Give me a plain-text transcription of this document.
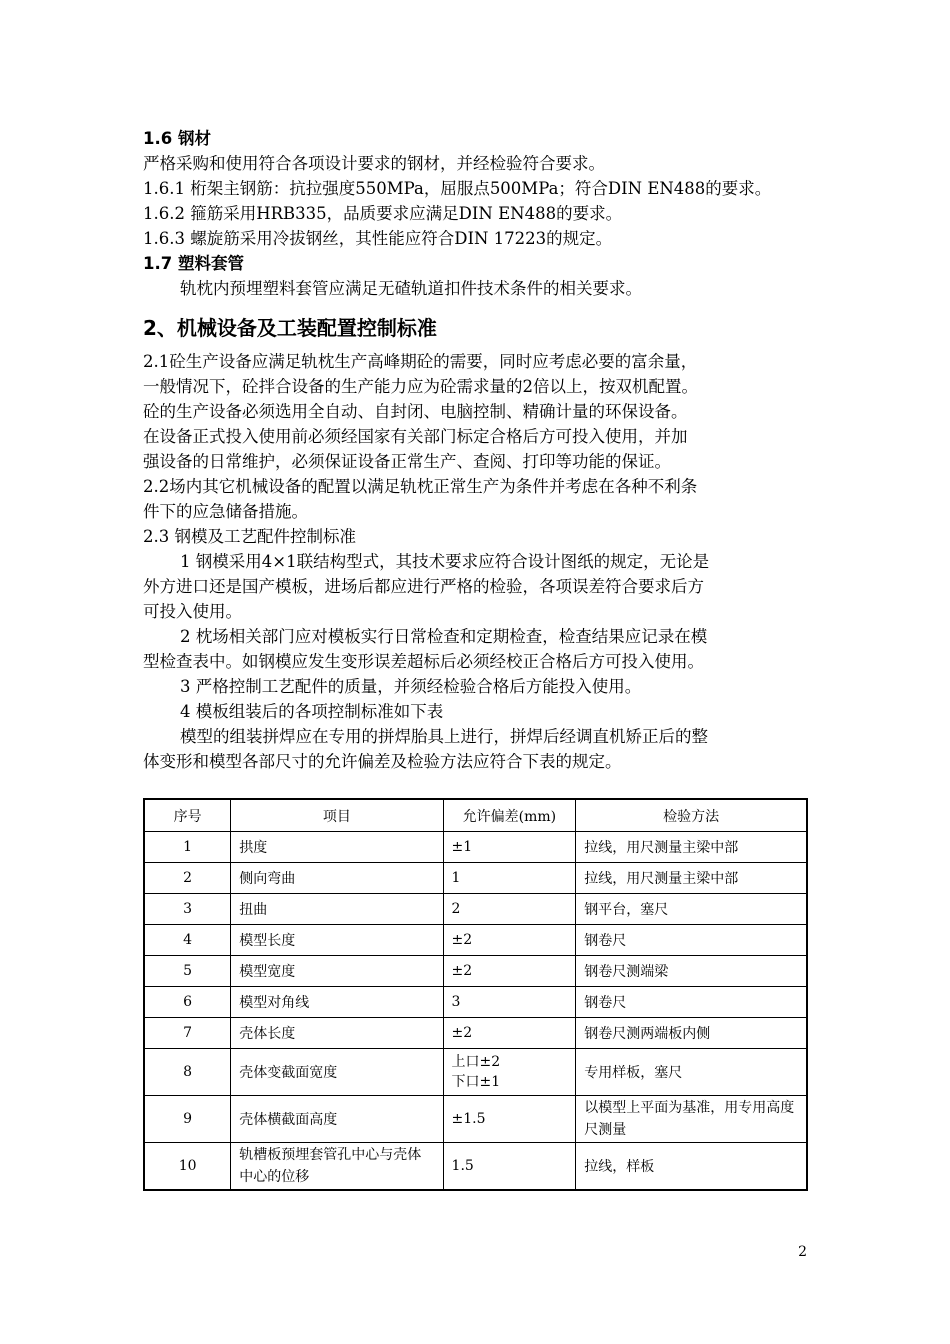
1.6 钢材
严格采购和使用符合各项设计要求的钢材，并经检验符合要求。
1.6.1 桁架主钢筋：抗拉强度550MPa，屈服点500MPa；符合DIN EN488的要求。
1.6.2 箍筋采用HRB335，品质要求应满足DIN EN488的要求。
1.6.3 螺旋筋采用冷拔钢丝，其性能应符合DIN 17223的规定。
1.7 塑料套管
轨枕内预埋塑料套管应满足无碴轨道扣件技术条件的相关要求。
2、机械设备及工装配置控制标准
2.1砼生产设备应满足轨枕生产高峰期砼的需要，同时应考虑必要的富余量，
一般情况下，砼拌合设备的生产能力应为砼需求量的2倍以上，按双机配置。
砼的生产设备必须选用全自动、自封闭、电脑控制、精确计量的环保设备。
在设备正式投入使用前必须经国家有关部门标定合格后方可投入使用，并加
强设备的日常维护，必须保证设备正常生产、查阅、打印等功能的保证。
2.2场内其它机械设备的配置以满足轨枕正常生产为条件并考虑在各种不利条
件下的应急储备措施。
2.3 钢模及工艺配件控制标准
1 钢模采用4×1联结构型式，其技术要求应符合设计图纸的规定，无论是
外方进口还是国产模板，进场后都应进行严格的检验，各项误差符合要求后方
可投入使用。
2 枕场相关部门应对模板实行日常检查和定期检查，检查结果应记录在模
型检查表中。如钢模应发生变形误差超标后必须经校正合格后方可投入使用。
3 严格控制工艺配件的质量，并须经检验合格后方能投入使用。
4 模板组装后的各项控制标准如下表
模型的组装拼焊应在专用的拼焊胎具上进行，拼焊后经调直机矫正后的整
体变形和模型各部尺寸的允许偏差及检验方法应符合下表的规定。
序号	项目	允许偏差(mm)	检验方法
1	拱度	±1	拉线，用尺测量主梁中部
2	侧向弯曲	1	拉线，用尺测量主梁中部
3	扭曲	2	钢平台，塞尺
4	模型长度	±2	钢卷尺
5	模型宽度	±2	钢卷尺测端梁
6	模型对角线	3	钢卷尺
7	壳体长度	±2	钢卷尺测两端板内侧
8	壳体变截面宽度	上口±2
下口±1	专用样板，塞尺
9	壳体横截面高度	±1.5	以模型上平面为基准，用专用高度尺测量
10	轨槽板预埋套管孔中心与壳体中心的位移	1.5	拉线，样板
2
